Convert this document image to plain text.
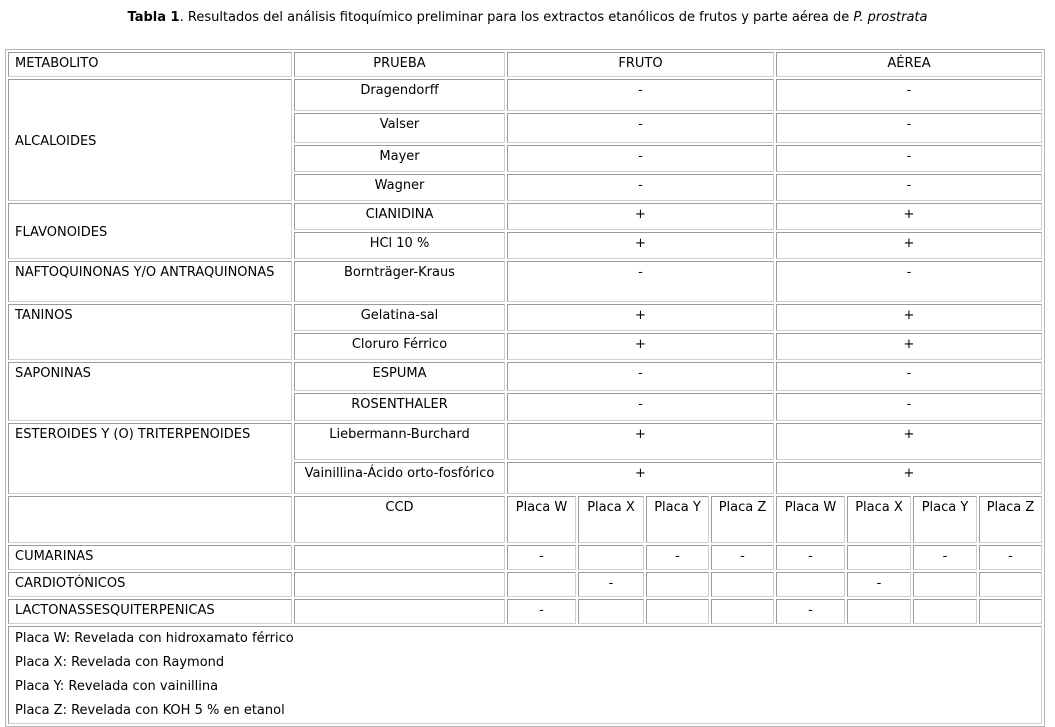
Tabla 1. Resultados del análisis fitoquímico preliminar para los extractos etanólicos de frutos y parte aérea de P. prostrata
METABOLITO	PRUEBA	FRUTO				AÉREA			
ALCALOIDES	Dragendorff	-				-			
	Valser	-				-			
	Mayer	-				-			
	Wagner	-				-			
FLAVONOIDES	CIANIDINA	+				+			
	HCl 10 %	+				+			
NAFTOQUINONAS Y/O ANTRAQUINONAS	Bornträger-Kraus	-				-			
TANINOS	Gelatina-sal	+				+			
	Cloruro Férrico	+				+			
SAPONINAS	ESPUMA	-				-			
	ROSENTHALER	-				-			
ESTEROIDES Y (O) TRITERPENOIDES	Liebermann-Burchard	+				+			
	Vainillina-Ácido orto-fosfórico	+				+			
	CCD	Placa W	Placa X	Placa Y	Placa Z	Placa W	Placa X	Placa Y	Placa Z
CUMARINAS		-		-	-	-		-	-
CARDIOTÓNICOS			-				-		
LACTONASSESQUITERPENICAS		-				-			

Placa W: Revelada con hidroxamato férrico
Placa X: Revelada con Raymond
Placa Y: Revelada con vainillina
Placa Z: Revelada con KOH 5 % en etanol									
